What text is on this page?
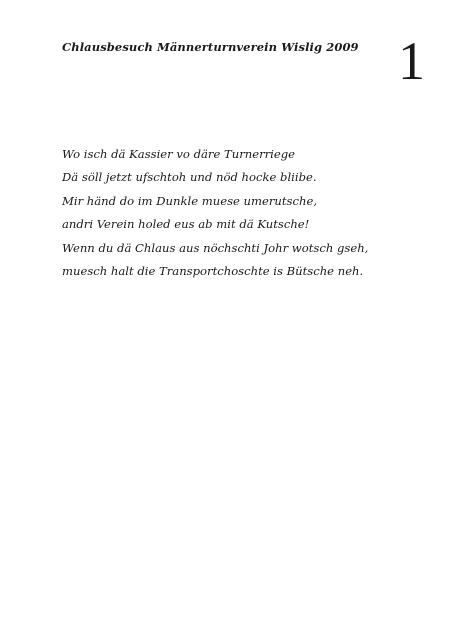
Chlausbesuch Männerturnverein Wislig 2009 1
Wo isch dä Kassier vo däre Turnerriege
Dä söll jetzt ufschtoh und nöd hocke bliibe.
Mir händ do im Dunkle muese umerutsche,
andri Verein holed eus ab mit dä Kutsche!
Wenn du dä Chlaus aus nöchschti Johr wotsch gseh,
muesch halt die Transportchoschte is Bütsche neh.
